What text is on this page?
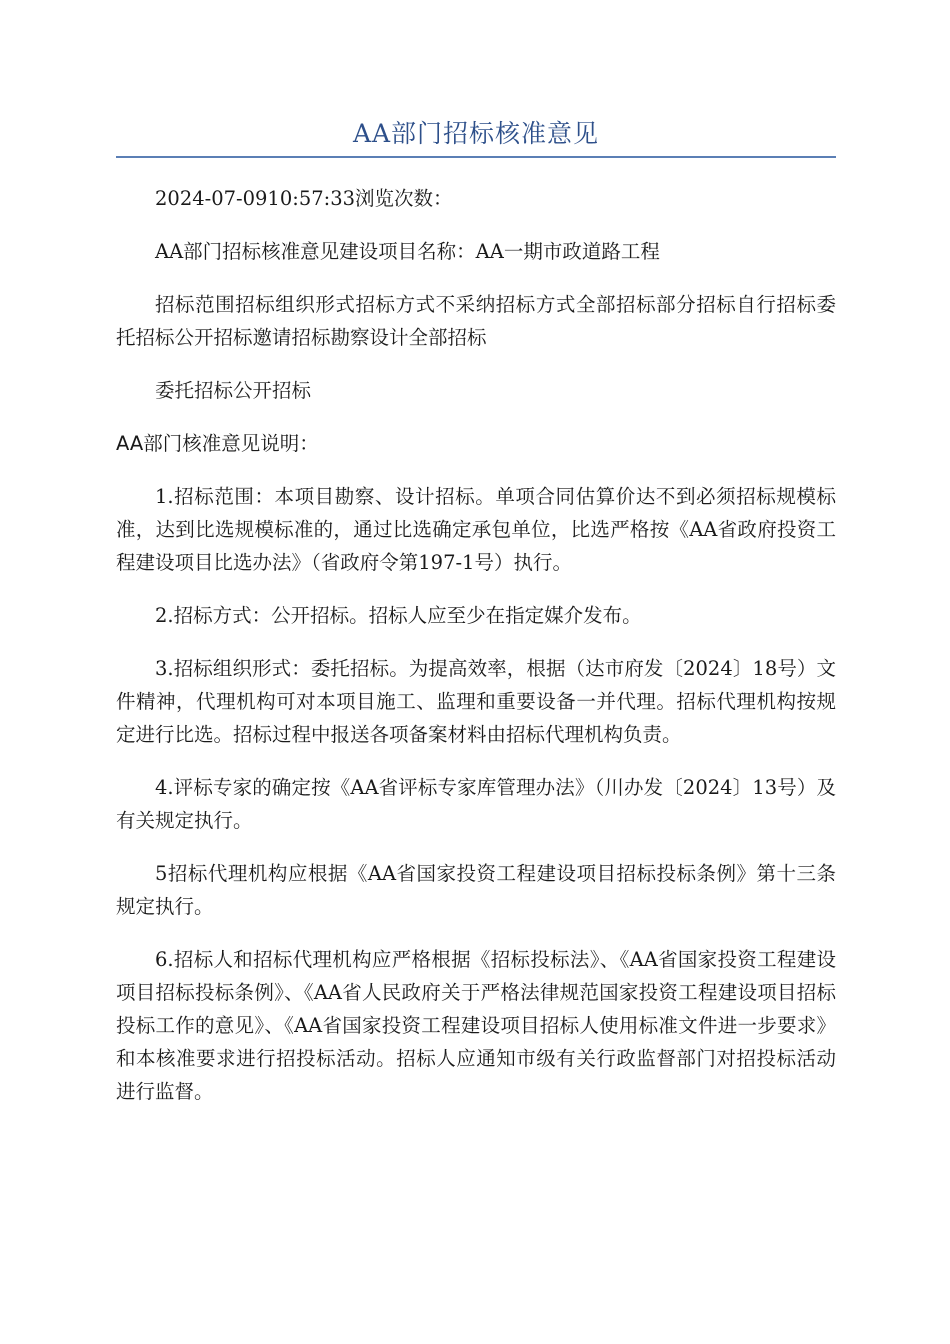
AA部门招标核准意见

2024-07-0910:57:33浏览次数：

AA部门招标核准意见建设项目名称：AA一期市政道路工程

招标范围招标组织形式招标方式不采纳招标方式全部招标部分招标自行招标委托招标公开招标邀请招标勘察设计全部招标

委托招标公开招标

AA部门核准意见说明：

1.招标范围：本项目勘察、设计招标。单项合同估算价达不到必须招标规模标准，达到比选规模标准的，通过比选确定承包单位，比选严格按《AA省政府投资工程建设项目比选办法》（省政府令第197-1号）执行。

2.招标方式：公开招标。招标人应至少在指定媒介发布。

3.招标组织形式：委托招标。为提高效率，根据（达市府发〔2024〕18号）文件精神，代理机构可对本项目施工、监理和重要设备一并代理。招标代理机构按规定进行比选。招标过程中报送各项备案材料由招标代理机构负责。

4.评标专家的确定按《AA省评标专家库管理办法》（川办发〔2024〕13号）及有关规定执行。

5招标代理机构应根据《AA省国家投资工程建设项目招标投标条例》第十三条规定执行。

6.招标人和招标代理机构应严格根据《招标投标法》、《AA省国家投资工程建设项目招标投标条例》、《AA省人民政府关于严格法律规范国家投资工程建设项目招标投标工作的意见》、《AA省国家投资工程建设项目招标人使用标准文件进一步要求》和本核准要求进行招投标活动。招标人应通知市级有关行政监督部门对招投标活动进行监督。
